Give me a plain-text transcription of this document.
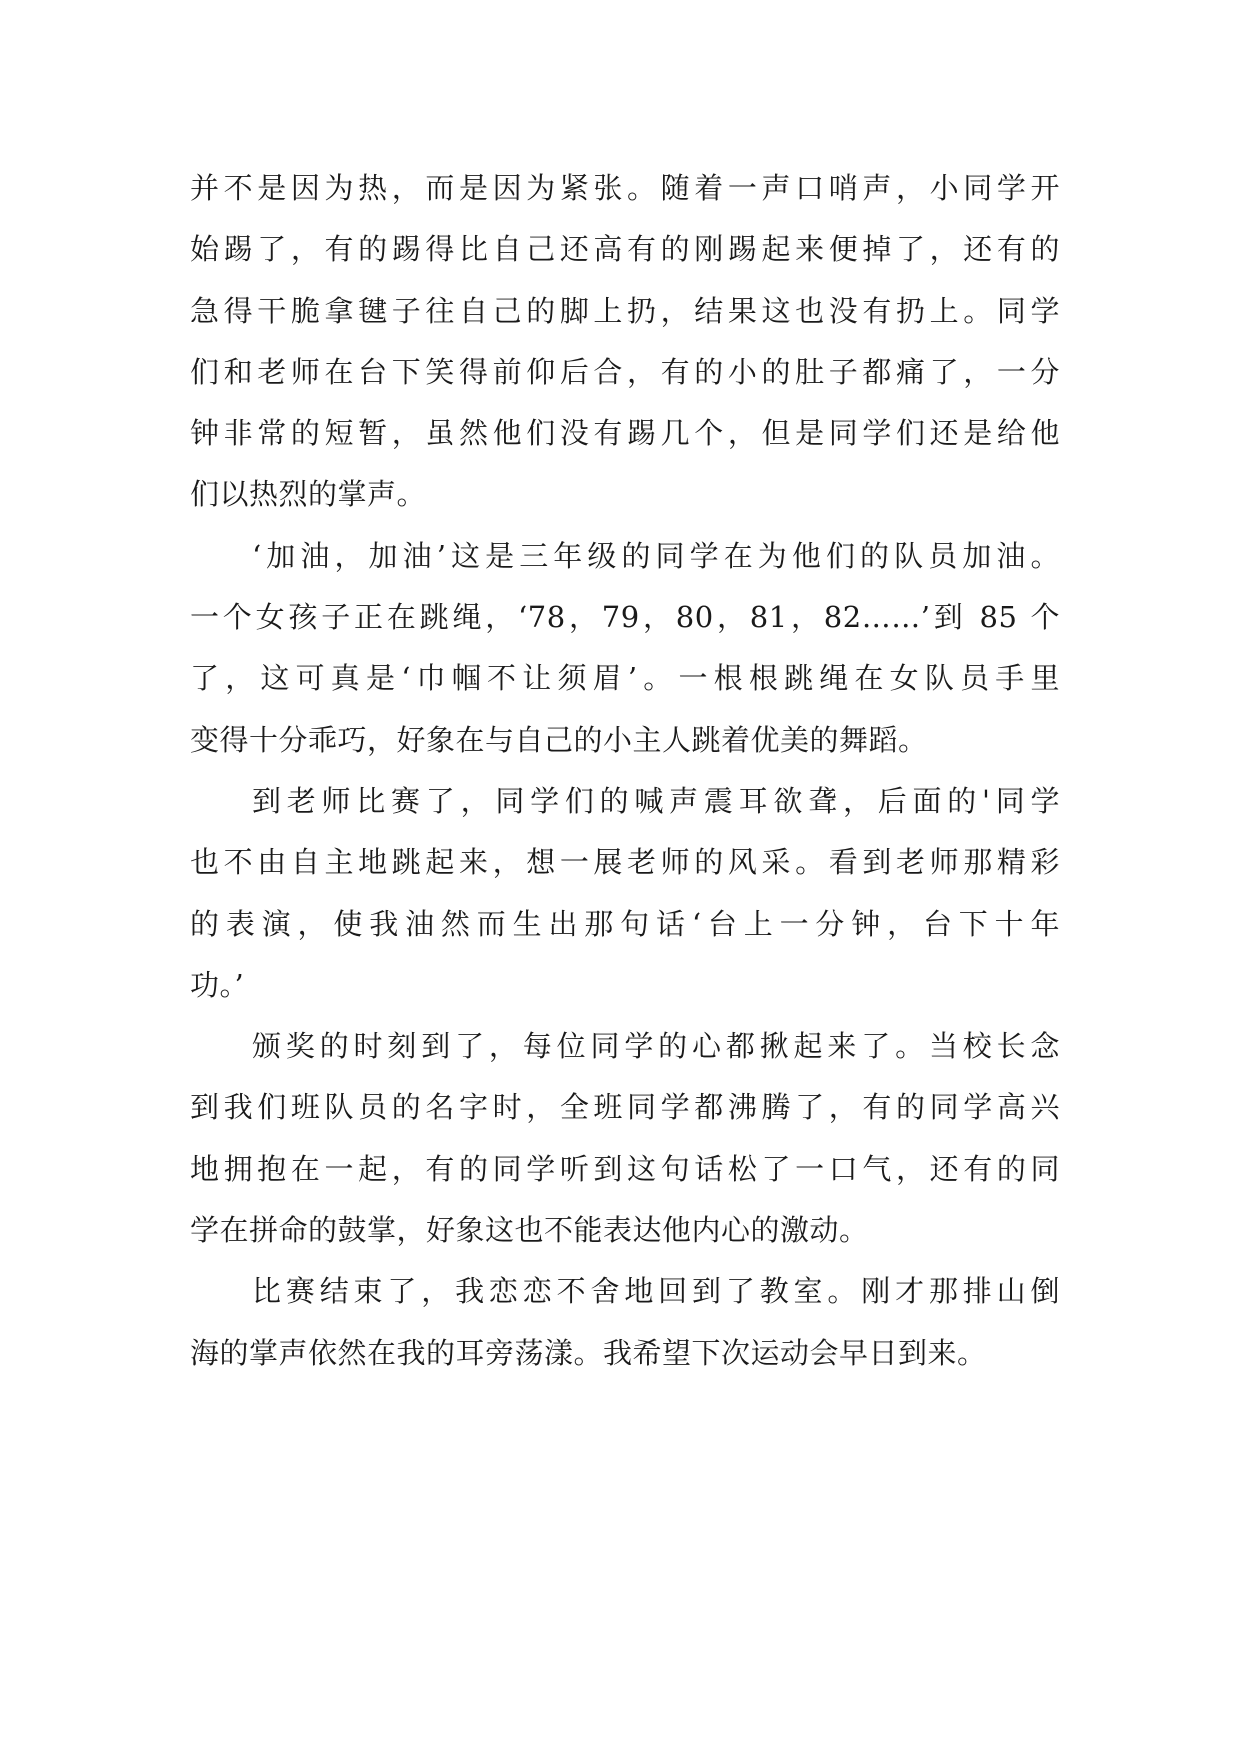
并不是因为热，而是因为紧张。随着一声口哨声，小同学开
始踢了，有的踢得比自己还高有的刚踢起来便掉了，还有的
急得干脆拿毽子往自己的脚上扔，结果这也没有扔上。同学
们和老师在台下笑得前仰后合，有的小的肚子都痛了，一分
钟非常的短暂，虽然他们没有踢几个，但是同学们还是给他
们以热烈的掌声。
‘加油，加油’这是三年级的同学在为他们的队员加油。
一个女孩子正在跳绳，‘78，79，80，81，82……’到 85 个
了，这可真是‘巾帼不让须眉’。一根根跳绳在女队员手里
变得十分乖巧，好象在与自己的小主人跳着优美的舞蹈。
到老师比赛了，同学们的喊声震耳欲聋，后面的'同学
也不由自主地跳起来，想一展老师的风采。看到老师那精彩
的表演，使我油然而生出那句话‘台上一分钟，台下十年
功。’
颁奖的时刻到了，每位同学的心都揪起来了。当校长念
到我们班队员的名字时，全班同学都沸腾了，有的同学高兴
地拥抱在一起，有的同学听到这句话松了一口气，还有的同
学在拼命的鼓掌，好象这也不能表达他内心的激动。
比赛结束了，我恋恋不舍地回到了教室。刚才那排山倒
海的掌声依然在我的耳旁荡漾。我希望下次运动会早日到来。
